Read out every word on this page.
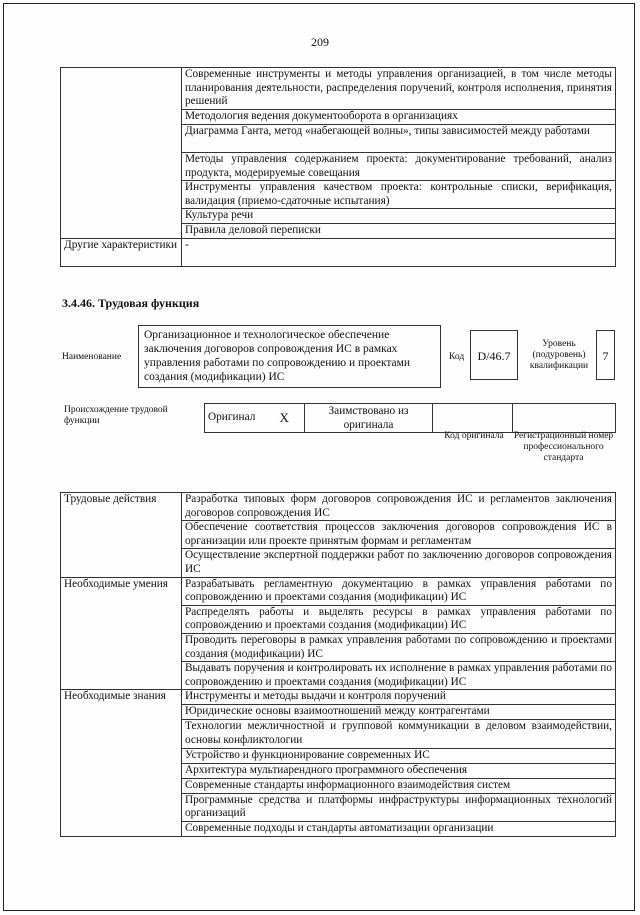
209
	Современные инструменты и методы управления организацией, в том числе методы планирования деятельности, распределения поручений, контроля исполнения, принятия решений
	Методология ведения документооборота в организациях
	Диаграмма Ганта, метод «набегающей волны», типы зависимостей между работами
	Методы управления содержанием проекта: документирование требований, анализ продукта, модерируемые совещания
	Инструменты управления качеством проекта: контрольные списки, верификация, валидация (приемо-сдаточные испытания)
	Культура речи
	Правила деловой переписки
Другие характеристики	-
3.4.46. Трудовая функция
Наименование
Организационное и технологическое обеспечение заключения договоров сопровождения ИС в рамках управления работами по сопровождению и проектами создания (модификации) ИС
Код	D/46.7
Уровень (подуровень) квалификации
7
Происхождение трудовой функции	Оригинал	X	Заимствовано из оригинала		
Код оригинала	Регистрационный номер профессионального стандарта
Трудовые действия	Разработка типовых форм договоров сопровождения ИС и регламентов заключения договоров сопровождения ИС
	Обеспечение соответствия процессов заключения договоров сопровождения ИС в организации или проекте принятым формам и регламентам
	Осуществление экспертной поддержки работ по заключению договоров сопровождения ИС
Необходимые умения	Разрабатывать регламентную документацию в рамках управления работами по сопровождению и проектами создания (модификации) ИС
	Распределять работы и выделять ресурсы в рамках управления работами по сопровождению и проектами создания (модификации) ИС
	Проводить переговоры в рамках управления работами по сопровождению и проектами создания (модификации) ИС
	Выдавать поручения и контролировать их исполнение в рамках управления работами по сопровождению и проектами создания (модификации) ИС
Необходимые знания	Инструменты и методы выдачи и контроля поручений
	Юридические основы взаимоотношений между контрагентами
	Технологии межличностной и групповой коммуникации в деловом взаимодействии, основы конфликтологии
	Устройство и функционирование современных ИС
	Архитектура мультиарендного программного обеспечения
	Современные стандарты информационного взаимодействия систем
	Программные средства и платформы инфраструктуры информационных технологий организаций
	Современные подходы и стандарты автоматизации организации
